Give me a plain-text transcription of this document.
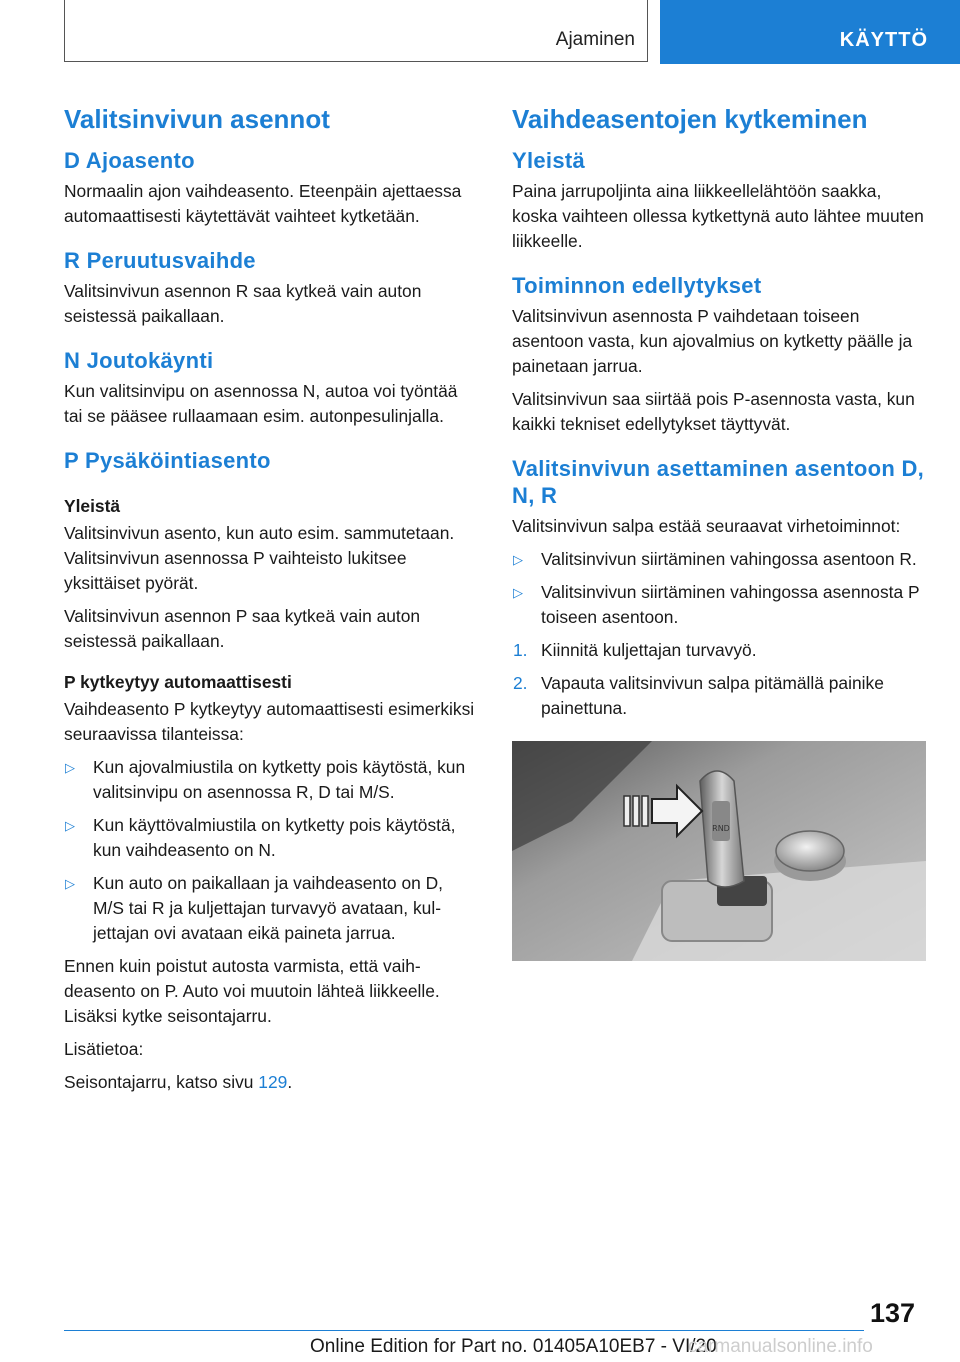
Ajaminen	KÄYTTÖ
Valitsinvivun asennot
D Ajoasento

Normaalin ajon vaihdeasento. Eteenpäin ajettaessa automaattisesti käytettävät vaihteet kytketään.

R Peruutusvaihde

Valitsinvivun asennon R saa kytkeä vain auton seistessä paikallaan.

N Joutokäynti

Kun valitsinvipu on asennossa N, autoa voi työntää tai se pääsee rullaamaan esim. autonpesulinjalla.

P Pysäköintiasento
Yleistä

Valitsinvivun asento, kun auto esim. sammutetaan. Valitsinvivun asennossa P vaihteisto lukitsee yksittäiset pyörät.

Valitsinvivun asennon P saa kytkeä vain auton seistessä paikallaan.

P kytkeytyy automaattisesti

Vaihdeasento P kytkeytyy automaattisesti esimerkiksi seuraavissa tilanteissa:

▷ Kun ajovalmiustila on kytketty pois käytöstä, kun valitsinvipu on asennossa R, D tai M/S.
▷ Kun käyttövalmiustila on kytketty pois käytöstä, kun vaihdeasento on N.
▷ Kun auto on paikallaan ja vaihdeasento on D, M/S tai R ja kuljettajan turvavyö avataan, kuljettajan ovi avataan eikä paineta jarrua.

Ennen kuin poistut autosta varmista, että vaihdeasento on P. Auto voi muutoin lähteä liikkeelle. Lisäksi kytke seisontajarru.

Lisätietoa:

Seisontajarru, katso sivu 129.

Vaihdeasentojen kytkeminen
Yleistä

Paina jarrupoljinta aina liikkeellelähtöön saakka, koska vaihteen ollessa kytkettynä auto lähtee muuten liikkeelle.

Toiminnon edellytykset

Valitsinvivun asennosta P vaihdetaan toiseen asentoon vasta, kun ajovalmius on kytketty päälle ja painetaan jarrua.

Valitsinvivun saa siirtää pois P-asennosta vasta, kun kaikki tekniset edellytykset täyttyvät.

Valitsinvivun asettaminen asentoon D, N, R

Valitsinvivun salpa estää seuraavat virhetoiminnot:

▷ Valitsinvivun siirtäminen vahingossa asentoon R.
▷ Valitsinvivun siirtäminen vahingossa asennosta P toiseen asentoon.
1. Kiinnitä kuljettajan turvavyö.
2. Vapauta valitsinvivun salpa pitämällä painike painettuna.
RND
137
Online Edition for Part no. 01405A10EB7 - VI/20
carmanualsonline.info
